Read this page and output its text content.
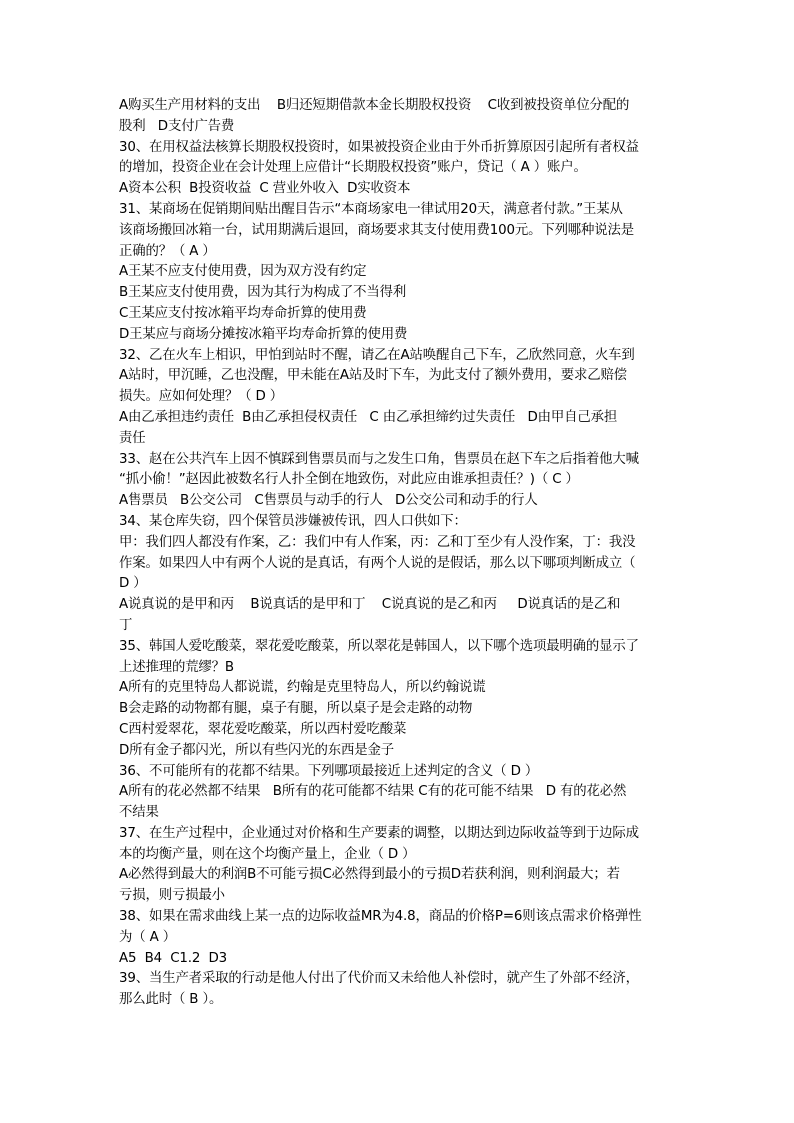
A购买生产用材料的支出    B归还短期借款本金长期股权投资    C收到被投资单位分配的
股利   D支付广告费
30、在用权益法核算长期股权投资时，如果被投资企业由于外币折算原因引起所有者权益
的增加，投资企业在会计处理上应借计“长期股权投资”账户，贷记（ A ）账户。
A资本公积  B投资收益  C 营业外收入  D实收资本
31、某商场在促销期间贴出醒目告示“本商场家电一律试用20天，满意者付款。”王某从
该商场搬回冰箱一台，试用期满后退回，商场要求其支付使用费100元。下列哪种说法是
正确的？（ A ）
A王某不应支付使用费，因为双方没有约定
B王某应支付使用费，因为其行为构成了不当得利
C王某应支付按冰箱平均寿命折算的使用费
D王某应与商场分摊按冰箱平均寿命折算的使用费
32、乙在火车上相识，甲怕到站时不醒，请乙在A站唤醒自己下车，乙欣然同意，火车到
A站时，甲沉睡，乙也没醒，甲未能在A站及时下车，为此支付了额外费用，要求乙赔偿
损失。应如何处理？（ D ）
A由乙承担违约责任  B由乙承担侵权责任   C 由乙承担缔约过失责任   D由甲自己承担
责任
33、赵在公共汽车上因不慎踩到售票员而与之发生口角，售票员在赵下车之后指着他大喊
“抓小偷！”赵因此被数名行人扑全倒在地致伤，对此应由谁承担责任？)（ C ）
A售票员   B公交公司   C售票员与动手的行人   D公交公司和动手的行人
34、某仓库失窃，四个保管员涉嫌被传讯，四人口供如下：
甲：我们四人都没有作案，乙：我们中有人作案，丙：乙和丁至少有人没作案，丁：我没
作案。如果四人中有两个人说的是真话，有两个人说的是假话，那么以下哪项判断成立（
D ）
A说真说的是甲和丙    B说真话的是甲和丁    C说真说的是乙和丙     D说真话的是乙和
丁
35、韩国人爱吃酸菜，翠花爱吃酸菜，所以翠花是韩国人，以下哪个选项最明确的显示了
上述推理的荒缪？B
A所有的克里特岛人都说谎，约翰是克里特岛人，所以约翰说谎
B会走路的动物都有腿，桌子有腿，所以桌子是会走路的动物
C西村爱翠花，翠花爱吃酸菜，所以西村爱吃酸菜
D所有金子都闪光，所以有些闪光的东西是金子
36、不可能所有的花都不结果。下列哪项最接近上述判定的含义（ D ）
A所有的花必然都不结果   B所有的花可能都不结果 C有的花可能不结果   D 有的花必然
不结果
37、在生产过程中，企业通过对价格和生产要素的调整，以期达到边际收益等到于边际成
本的均衡产量，则在这个均衡产量上，企业（ D ）
A必然得到最大的利润B不可能亏损C必然得到最小的亏损D若获利润，则利润最大；若
亏损，则亏损最小
38、如果在需求曲线上某一点的边际收益MR为4.8，商品的价格P=6则该点需求价格弹性
为（ A ）
A5  B4  C1.2  D3
39、当生产者采取的行动是他人付出了代价而又未给他人补偿时，就产生了外部不经济，
那么此时（ B ）。
